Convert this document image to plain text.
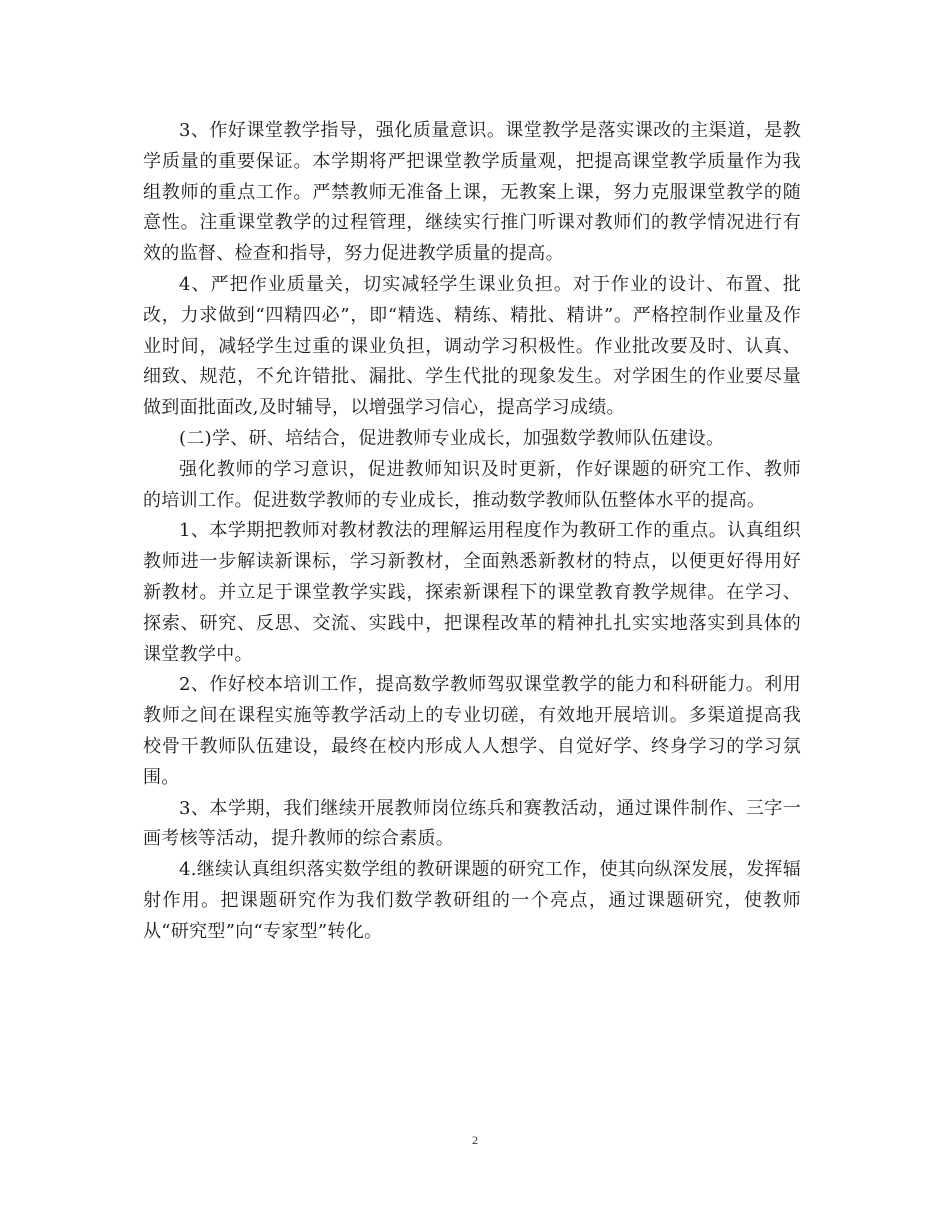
3、作好课堂教学指导，强化质量意识。课堂教学是落实课改的主渠道，是教学质量的重要保证。本学期将严把课堂教学质量观，把提高课堂教学质量作为我组教师的重点工作。严禁教师无准备上课，无教案上课，努力克服课堂教学的随意性。注重课堂教学的过程管理，继续实行推门听课对教师们的教学情况进行有效的监督、检查和指导，努力促进教学质量的提高。

4、严把作业质量关，切实减轻学生课业负担。对于作业的设计、布置、批改，力求做到“四精四必”，即“精选、精练、精批、精讲”。严格控制作业量及作业时间，减轻学生过重的课业负担，调动学习积极性。作业批改要及时、认真、细致、规范，不允许错批、漏批、学生代批的现象发生。对学困生的作业要尽量做到面批面改,及时辅导，以增强学习信心，提高学习成绩。

(二)学、研、培结合，促进教师专业成长，加强数学教师队伍建设。

强化教师的学习意识，促进教师知识及时更新，作好课题的研究工作、教师的培训工作。促进数学教师的专业成长，推动数学教师队伍整体水平的提高。

1、本学期把教师对教材教法的理解运用程度作为教研工作的重点。认真组织教师进一步解读新课标，学习新教材，全面熟悉新教材的特点，以便更好得用好新教材。并立足于课堂教学实践，探索新课程下的课堂教育教学规律。在学习、探索、研究、反思、交流、实践中，把课程改革的精神扎扎实实地落实到具体的课堂教学中。

2、作好校本培训工作，提高数学教师驾驭课堂教学的能力和科研能力。利用教师之间在课程实施等教学活动上的专业切磋，有效地开展培训。多渠道提高我校骨干教师队伍建设，最终在校内形成人人想学、自觉好学、终身学习的学习氛围。

3、本学期，我们继续开展教师岗位练兵和赛教活动，通过课件制作、三字一画考核等活动，提升教师的综合素质。

4.继续认真组织落实数学组的教研课题的研究工作，使其向纵深发展，发挥辐射作用。把课题研究作为我们数学教研组的一个亮点，通过课题研究，使教师从“研究型”向“专家型”转化。

2
